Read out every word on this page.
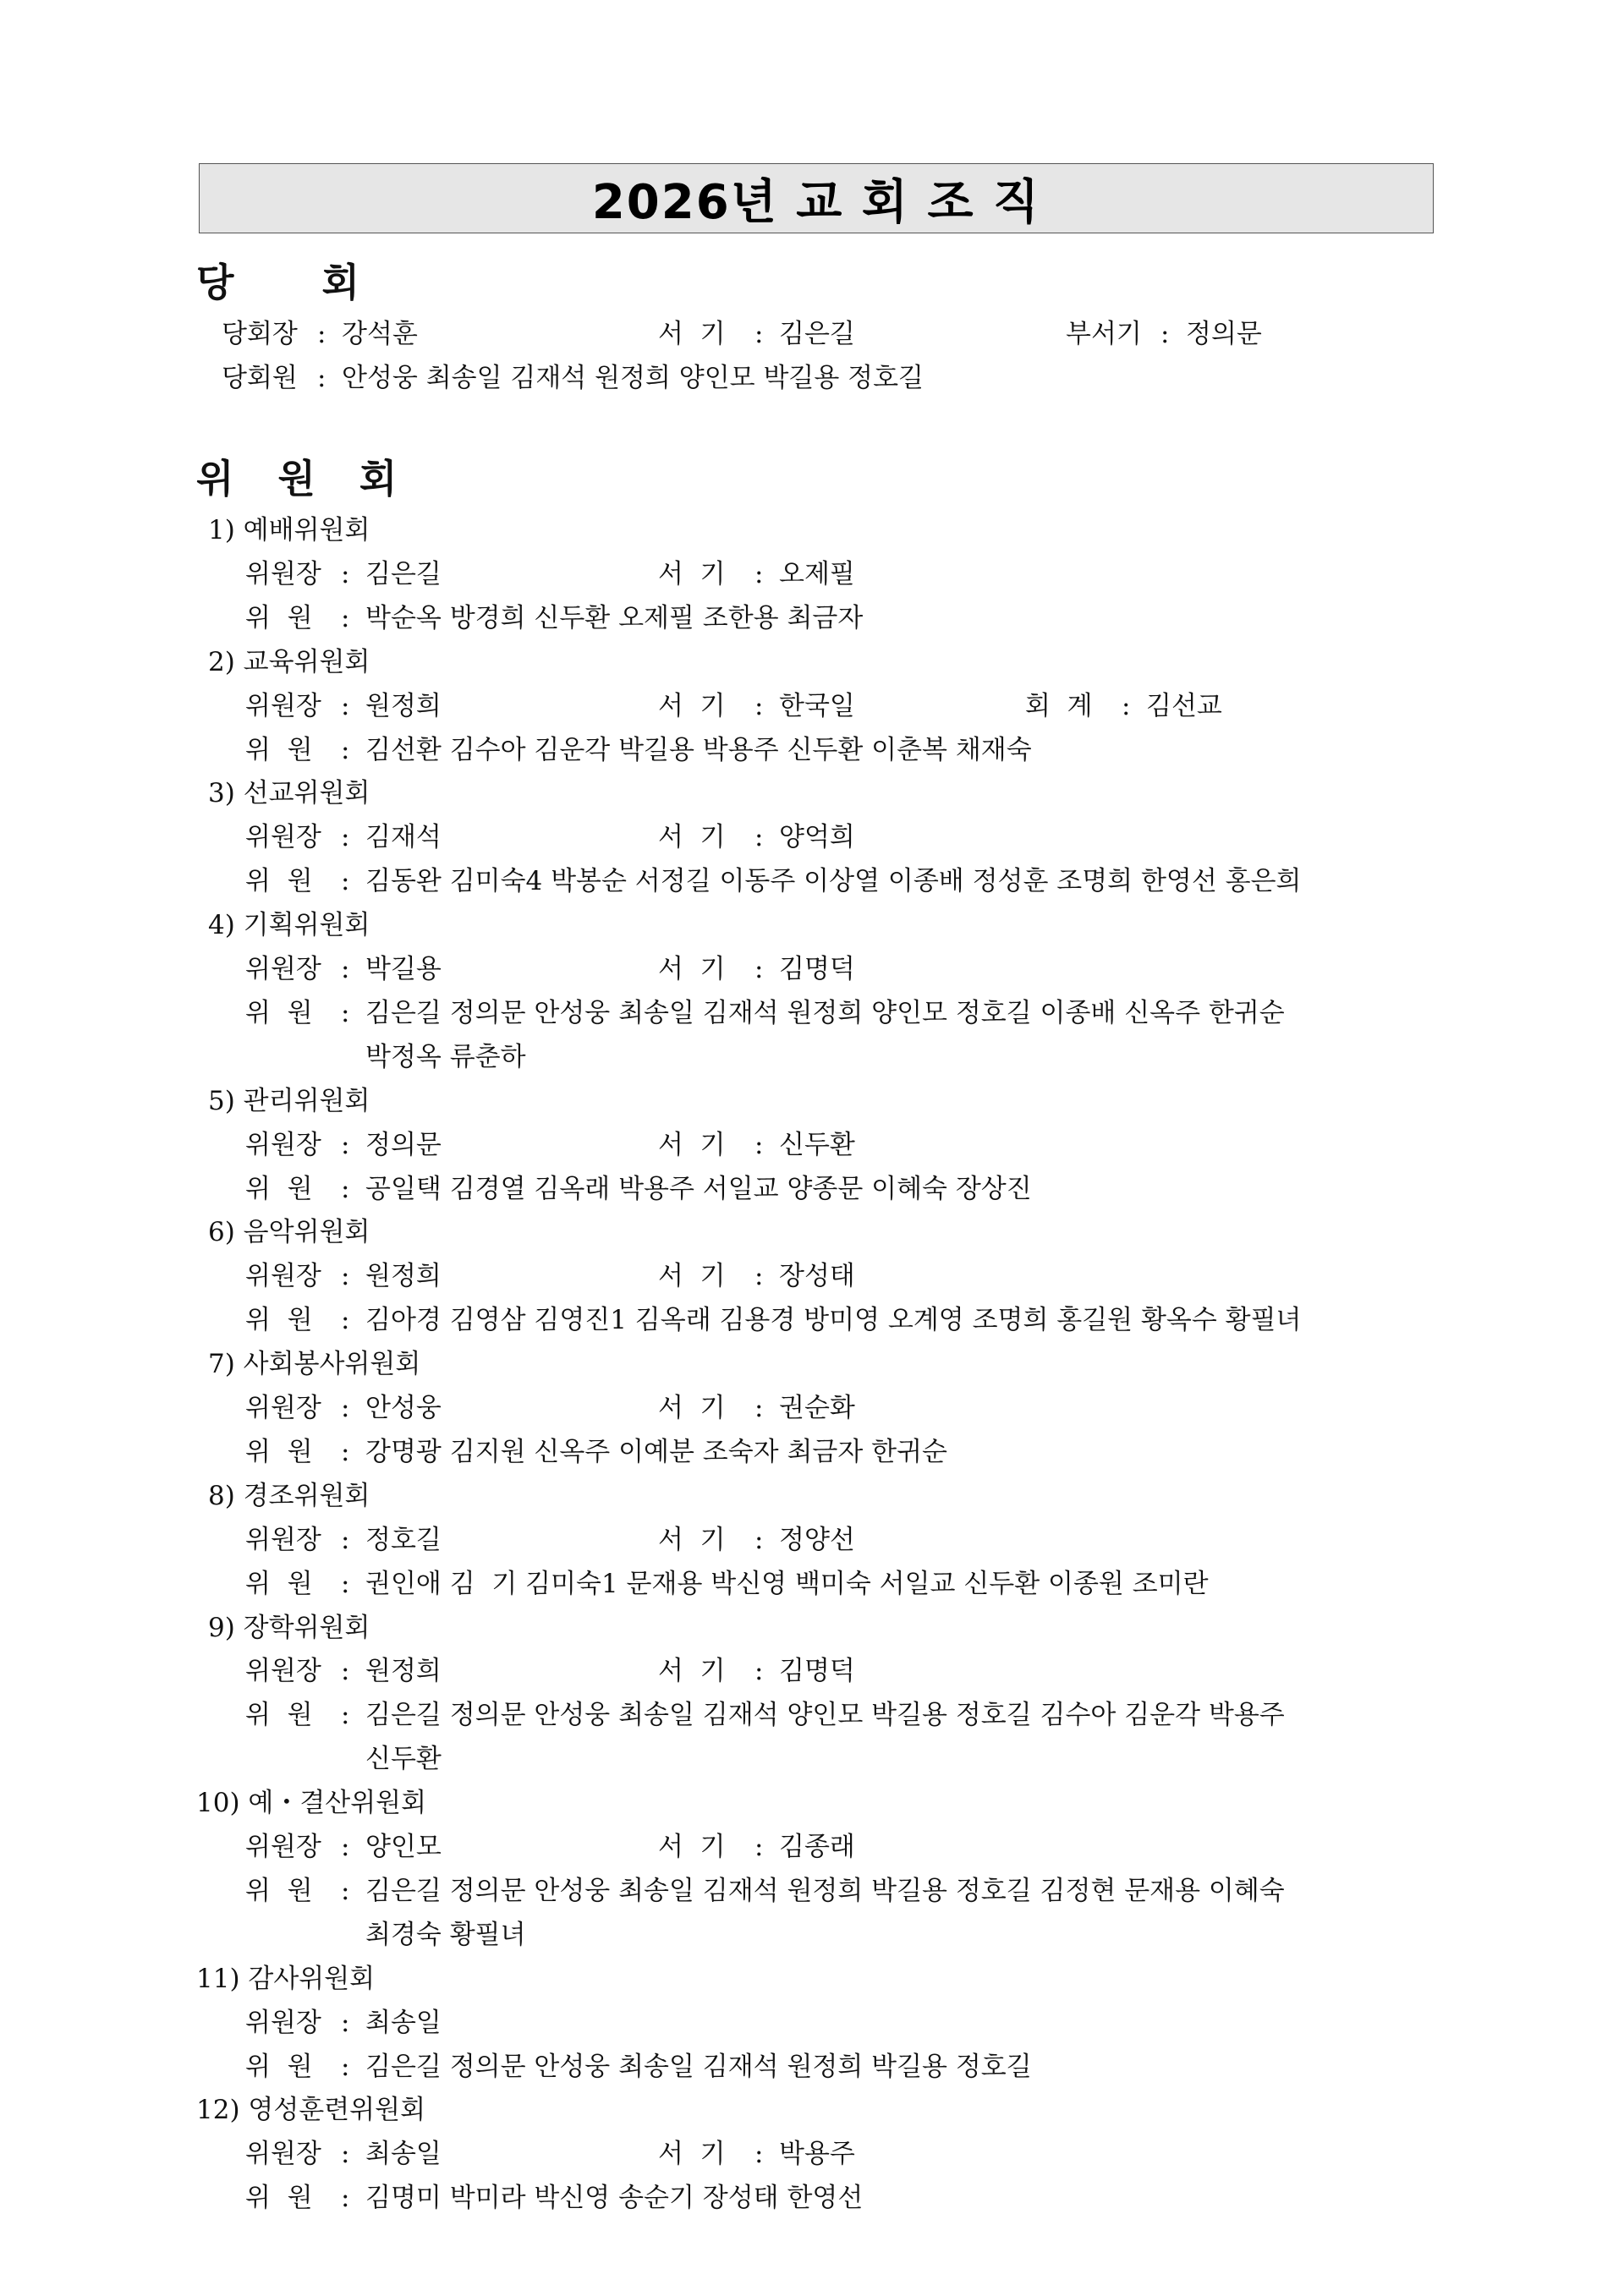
2026년 교 회 조 직
당  회
당회장 : 강석훈	서  기 : 김은길	부서기 : 정의문
당회원 : 안성웅 최송일 김재석 원정희 양인모 박길용 정호길
위 원 회
1) 예배위원회
위원장 : 김은길	서  기 : 오제필
위  원 : 박순옥 방경희 신두환 오제필 조한용 최금자
2) 교육위원회
위원장 : 원정희	서  기 : 한국일	회  계 : 김선교
위  원 : 김선환 김수아 김운각 박길용 박용주 신두환 이춘복 채재숙
3) 선교위원회
위원장 : 김재석	서  기 : 양억희
위  원 : 김동완 김미숙4 박봉순 서정길 이동주 이상열 이종배 정성훈 조명희 한영선 홍은희
4) 기획위원회
위원장 : 박길용	서  기 : 김명덕
위  원 : 김은길 정의문 안성웅 최송일 김재석 원정희 양인모 정호길 이종배 신옥주 한귀순
박정옥 류춘하
5) 관리위원회
위원장 : 정의문	서  기 : 신두환
위  원 : 공일택 김경열 김옥래 박용주 서일교 양종문 이혜숙 장상진
6) 음악위원회
위원장 : 원정희	서  기 : 장성태
위  원 : 김아경 김영삼 김영진1 김옥래 김용경 방미영 오계영 조명희 홍길원 황옥수 황필녀
7) 사회봉사위원회
위원장 : 안성웅	서  기 : 권순화
위  원 : 강명광 김지원 신옥주 이예분 조숙자 최금자 한귀순
8) 경조위원회
위원장 : 정호길	서  기 : 정양선
위  원 : 권인애 김  기 김미숙1 문재용 박신영 백미숙 서일교 신두환 이종원 조미란
9) 장학위원회
위원장 : 원정희	서  기 : 김명덕
위  원 : 김은길 정의문 안성웅 최송일 김재석 양인모 박길용 정호길 김수아 김운각 박용주
신두환
10) 예・결산위원회
위원장 : 양인모	서  기 : 김종래
위  원 : 김은길 정의문 안성웅 최송일 김재석 원정희 박길용 정호길 김정현 문재용 이혜숙
최경숙 황필녀
11) 감사위원회
위원장 : 최송일
위  원 : 김은길 정의문 안성웅 최송일 김재석 원정희 박길용 정호길
12) 영성훈련위원회
위원장 : 최송일	서  기 : 박용주
위  원 : 김명미 박미라 박신영 송순기 장성태 한영선
